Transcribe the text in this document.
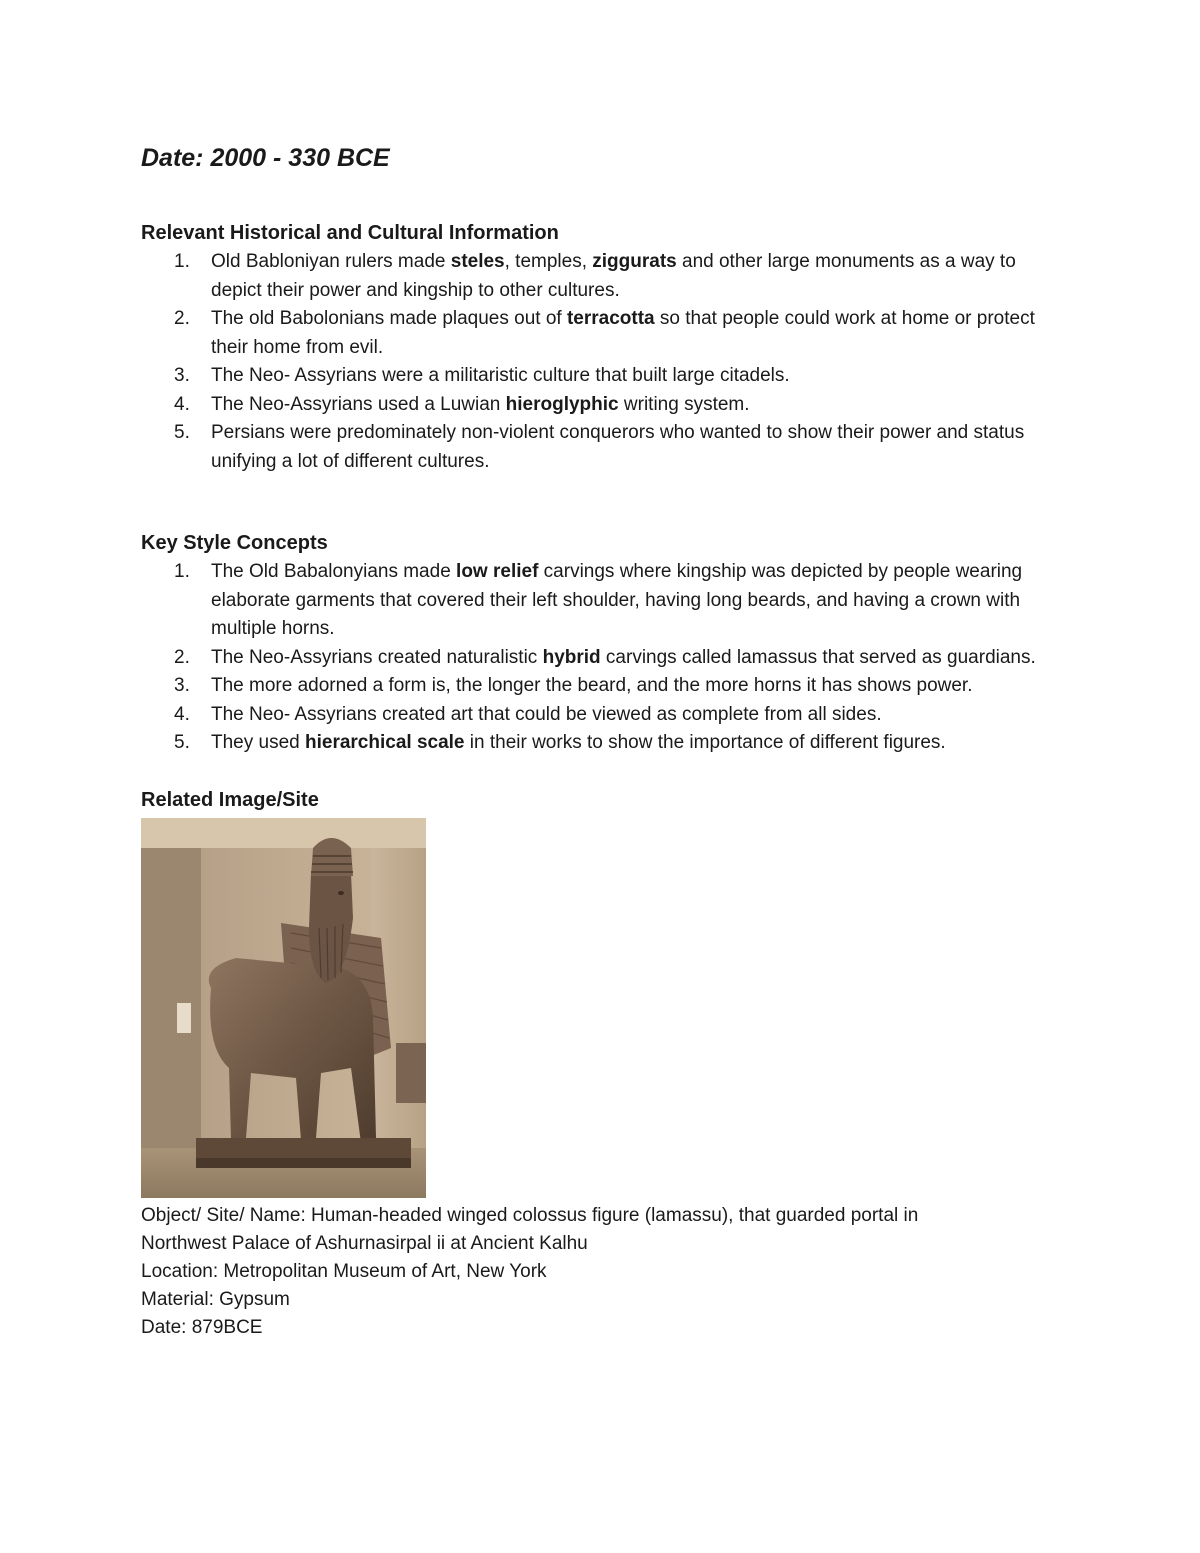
Date: 2000 - 330 BCE
Relevant Historical and Cultural Information
1.	Old Babloniyan rulers made steles, temples, ziggurats and other large monuments as a way to depict their power and kingship to other cultures.
2.	The old Babolonians made plaques out of terracotta so that people could work at home or protect their home from evil.
3.	The Neo- Assyrians were a militaristic culture that built large citadels.
4.	The Neo-Assyrians used a Luwian hieroglyphic writing system.
5.	Persians were predominately non-violent conquerors who wanted to show their power and status unifying a lot of different cultures.
Key Style Concepts
1.	The Old Babalonyians made low relief carvings where kingship was depicted by people wearing elaborate garments that covered their left shoulder, having long beards, and having a crown with multiple horns.
2.	The Neo-Assyrians created naturalistic hybrid carvings called lamassus that served as guardians.
3.	The more adorned a form is, the longer the beard, and the more horns it has shows power.
4.	The Neo- Assyrians created art that could be viewed as complete from all sides.
5.	They used hierarchical scale in their works to show the importance of different figures.
Related Image/Site
Object/ Site/ Name: Human-headed winged colossus figure (lamassu), that guarded portal in
Northwest Palace of Ashurnasirpal ii at Ancient Kalhu
Location: Metropolitan Museum of Art, New York
Material: Gypsum
Date: 879BCE
